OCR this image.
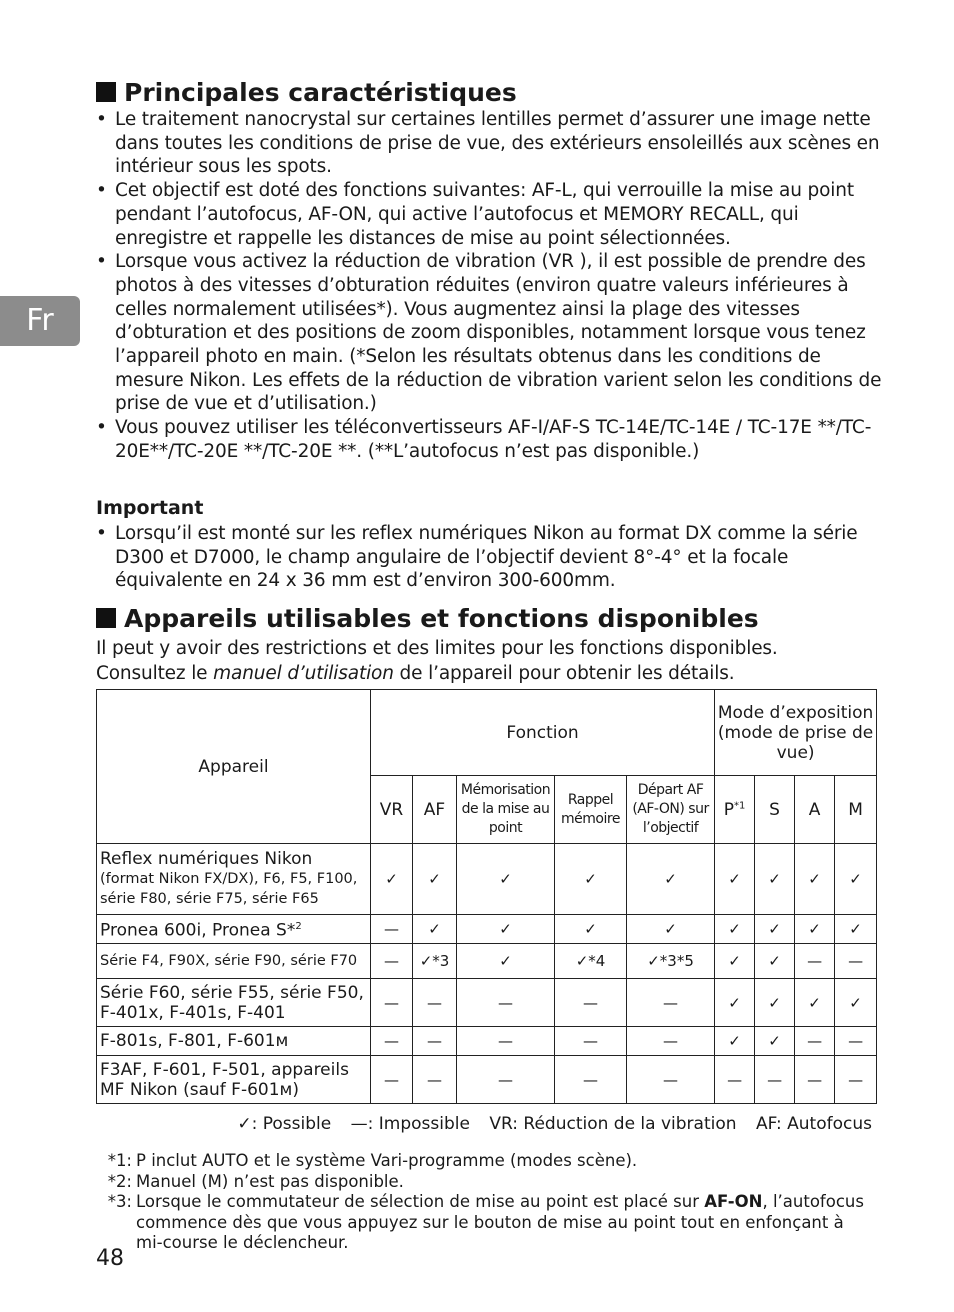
Fr
Principales caractéristiques
• Le traitement nanocrystal sur certaines lentilles permet d’assurer une image nette dans toutes les conditions de prise de vue, des extérieurs ensoleillés aux scènes en intérieur sous les spots.
• Cet objectif est doté des fonctions suivantes: AF-L, qui verrouille la mise au point pendant l’autofocus, AF-ON, qui active l’autofocus et MEMORY RECALL, qui enregistre et rappelle les distances de mise au point sélectionnées.
• Lorsque vous activez la réduction de vibration (VR ), il est possible de prendre des photos à des vitesses d’obturation réduites (environ quatre valeurs inférieures à celles normalement utilisées*). Vous augmentez ainsi la plage des vitesses d’obturation et des positions de zoom disponibles, notamment lorsque vous tenez l’appareil photo en main. (*Selon les résultats obtenus dans les conditions de mesure Nikon. Les effets de la réduction de vibration varient selon les conditions de prise de vue et d’utilisation.)
• Vous pouvez utiliser les téléconvertisseurs AF-I/AF-S TC-14E/TC-14E / TC-17E **/TC-20E**/TC-20E **/TC-20E **. (**L’autofocus n’est pas disponible.)
Important
• Lorsqu’il est monté sur les reflex numériques Nikon au format DX comme la série D300 et D7000, le champ angulaire de l’objectif devient 8°-4° et la focale équivalente en 24 x 36 mm est d’environ 300-600mm.
Appareils utilisables et fonctions disponibles

Il peut y avoir des restrictions et des limites pour les fonctions disponibles.

Consultez le manuel d’utilisation de l’appareil pour obtenir les détails.

Appareil	Fonction					Mode d’exposition (mode de prise de vue)			
	VR	AF	Mémorisation de la mise au point	Rappel mémoire	Départ AF (AF-ON) sur l’objectif	$P^{*1}$	S	A	M

Reflex numériques Nikon
(format Nikon FX/DX), F6, F5, F100, série F80, série F75, série F65	✓	✓	✓	✓	✓	✓	✓	✓	✓
Pronea 600i, Pronea S*$^2$	—	✓	✓	✓	✓	✓	✓	✓	✓
Série F4, F90X, série F90, série F70	—	✓*3	✓	✓*4	✓*3*5	✓	✓	—	—
Série F60, série F55, série F50, F-401x, F-401s, F-401	—	—	—	—	—	✓	✓	✓	✓
F-801s, F-801, F-601ᴍ	—	—	—	—	—	✓	✓	—	—
F3AF, F-601, F-501, appareils MF Nikon (sauf F-601ᴍ)	—	—	—	—	—	—	—	—	—
✓: Possible —: Impossible VR: Réduction de la vibration AF: Autofocus
*1: P inclut AUTO et le système Vari-programme (modes scène).
*2: Manuel (M) n’est pas disponible.
*3: Lorsque le commutateur de sélection de mise au point est placé sur AF-ON, l’autofocus commence dès que vous appuyez sur le bouton de mise au point tout en enfonçant à mi-course le déclencheur.
48
